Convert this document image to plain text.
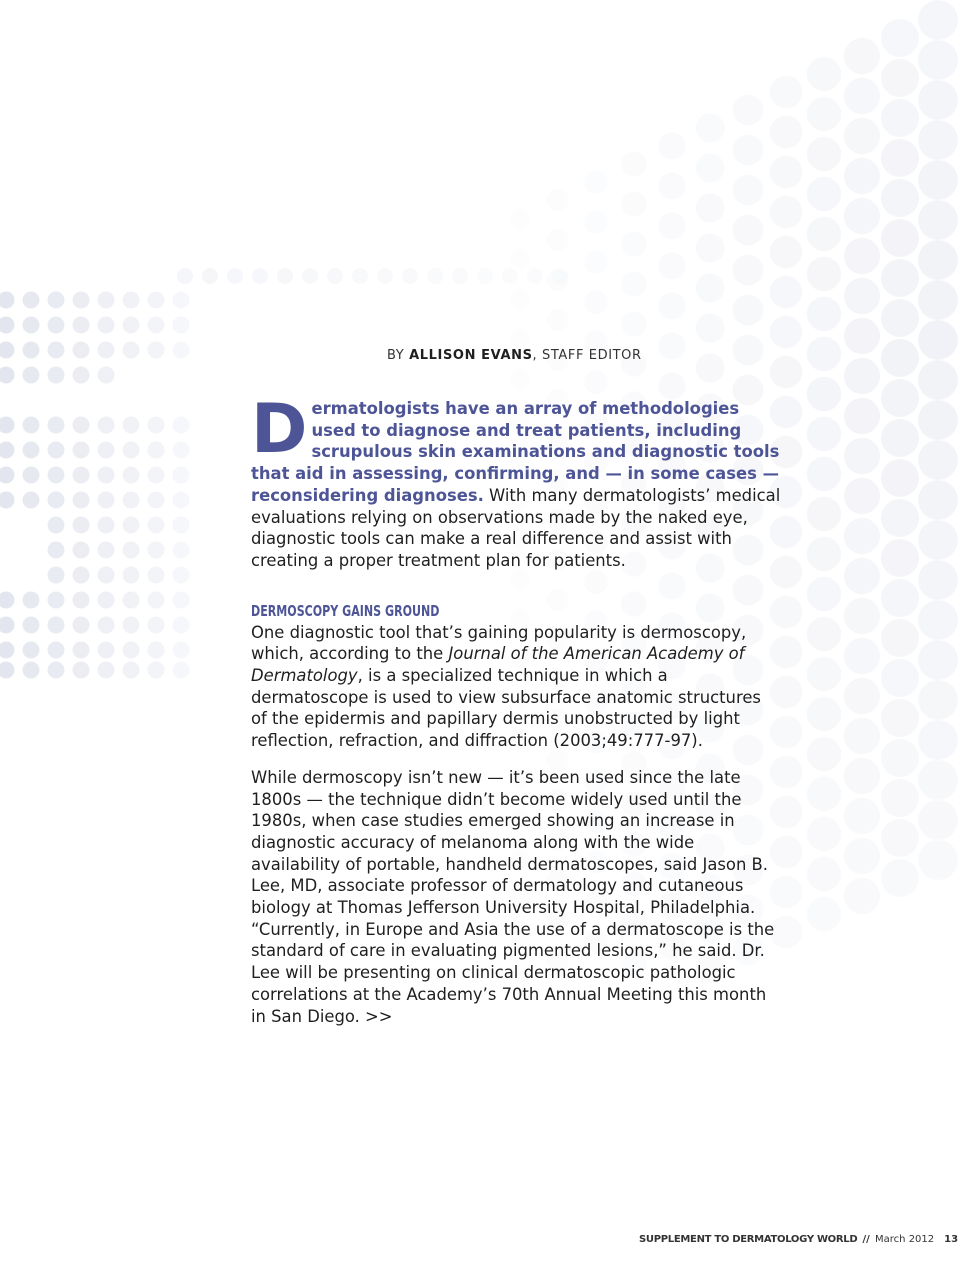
BY ALLISON EVANS, STAFF EDITOR

Dermatologists have an array of methodologies used to diagnose and treat patients, including scrupulous skin examinations and diagnostic tools that aid in assessing, confirming, and — in some cases — reconsidering diagnoses. With many dermatologists’ medical evaluations relying on observations made by the naked eye, diagnostic tools can make a real difference and assist with creating a proper treatment plan for patients.

DERMOSCOPY GAINS GROUND

One diagnostic tool that’s gaining popularity is dermoscopy, which, according to the Journal of the American Academy of Dermatology, is a specialized technique in which a dermatoscope is used to view subsurface anatomic structures of the epidermis and papillary dermis unobstructed by light reflection, refraction, and diffraction (2003;49:777-97).

While dermoscopy isn’t new — it’s been used since the late 1800s — the technique didn’t become widely used until the 1980s, when case studies emerged showing an increase in diagnostic accuracy of melanoma along with the wide availability of portable, handheld dermatoscopes, said Jason B. Lee, MD, associate professor of dermatology and cutaneous biology at Thomas Jefferson University Hospital, Philadelphia. “Currently, in Europe and Asia the use of a dermatoscope is the standard of care in evaluating pigmented lesions,” he said. Dr. Lee will be presenting on clinical dermatoscopic pathologic correlations at the Academy’s 70th Annual Meeting this month in San Diego. >>

SUPPLEMENT TO DERMATOLOGY WORLD // March 2012 13
